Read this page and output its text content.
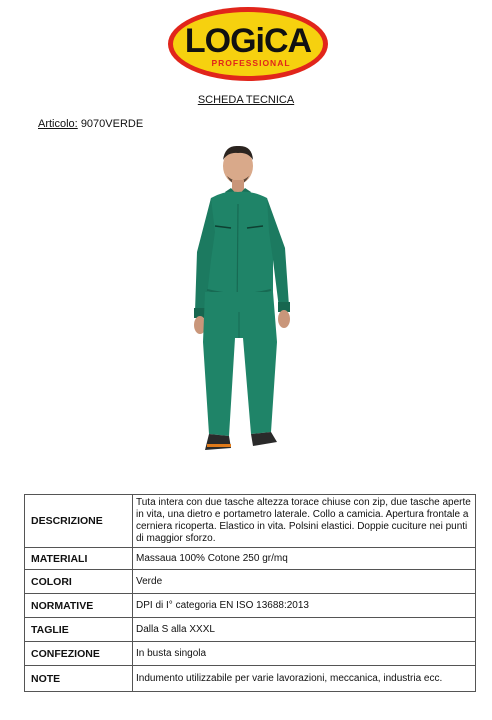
LOGiCA
PROFESSIONAL
SCHEDA TECNICA
Articolo: 9070VERDE
DESCRIZIONE	Tuta intera con due tasche altezza torace chiuse con zip, due tasche aperte in vita, una dietro e portametro laterale. Collo a camicia. Apertura frontale a cerniera ricoperta. Elastico in vita. Polsini elastici. Doppie cuciture nei punti di maggior sforzo.
MATERIALI	Massaua 100% Cotone 250 gr/mq
COLORI	Verde
NORMATIVE	DPI di I° categoria EN ISO 13688:2013
TAGLIE	Dalla S alla XXXL
CONFEZIONE	In busta singola
NOTE	Indumento utilizzabile per varie lavorazioni, meccanica, industria ecc.
